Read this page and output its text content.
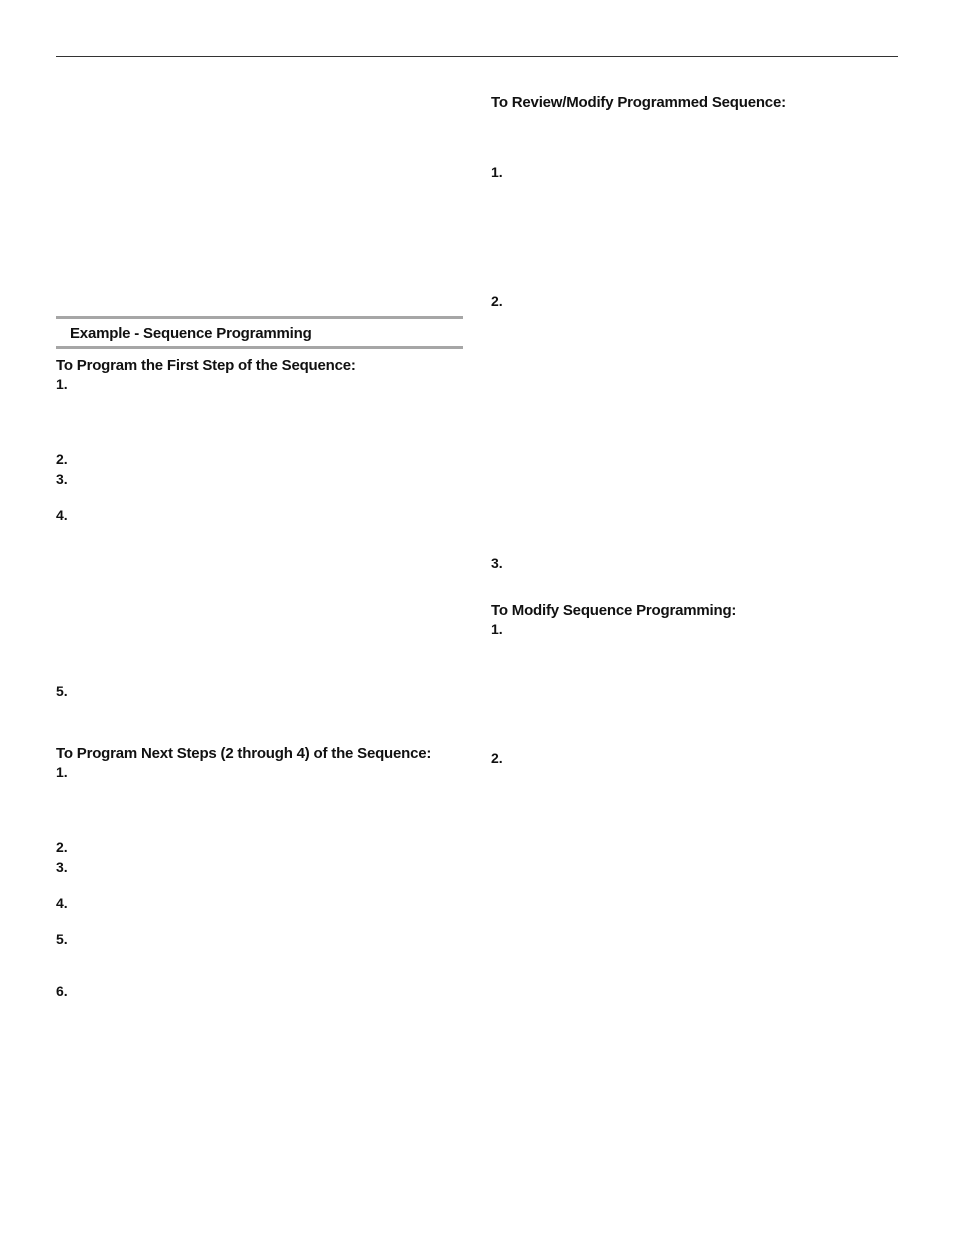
To Review/Modify Programmed Sequence:
1.
2.
3.
To Modify Sequence Programming:
1.
2.
Example - Sequence Programming
To Program the First Step of the Sequence:
1.
2.
3.
4.
5.
To Program Next Steps (2 through 4) of the Sequence:
1.
2.
3.
4.
5.
6.
